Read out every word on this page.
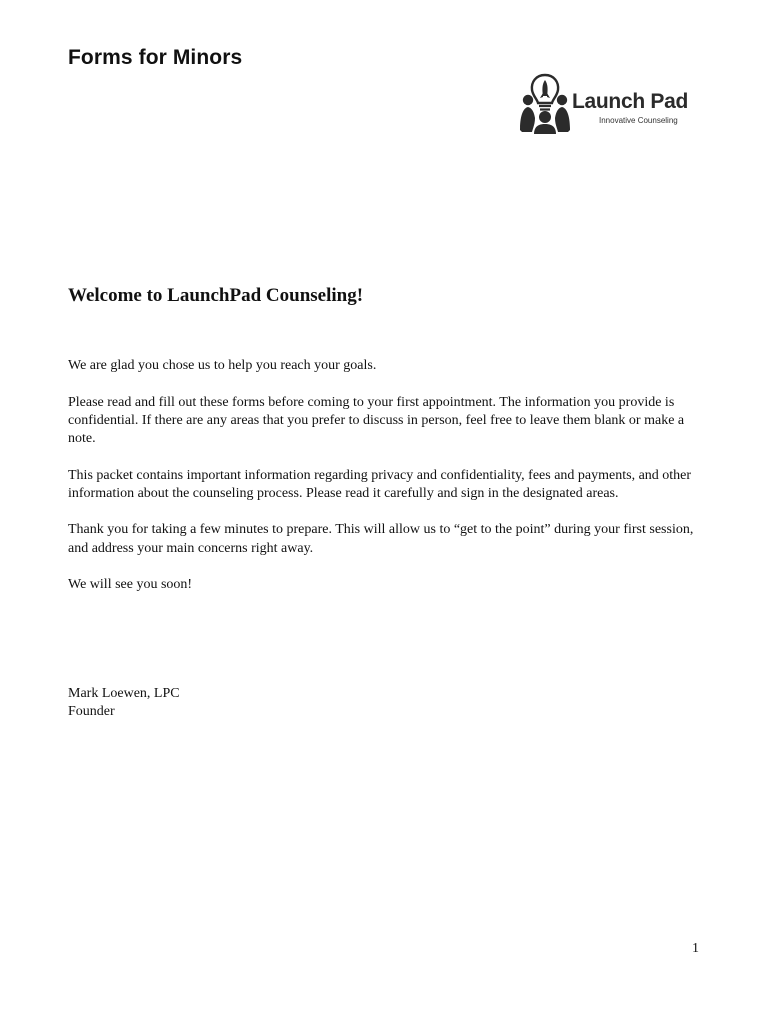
Forms for Minors
Launch Pad
Innovative Counseling
Welcome to LaunchPad Counseling!

We are glad you chose us to help you reach your goals.

Please read and fill out these forms before coming to your first appointment. The information you provide is confidential. If there are any areas that you prefer to discuss in person, feel free to leave them blank or make a note.

This packet contains important information regarding privacy and confidentiality, fees and payments, and other information about the counseling process. Please read it carefully and sign in the designated areas.

Thank you for taking a few minutes to prepare. This will allow us to “get to the point” during your first session, and address your main concerns right away.

We will see you soon!

Mark Loewen, LPC
Founder
1
